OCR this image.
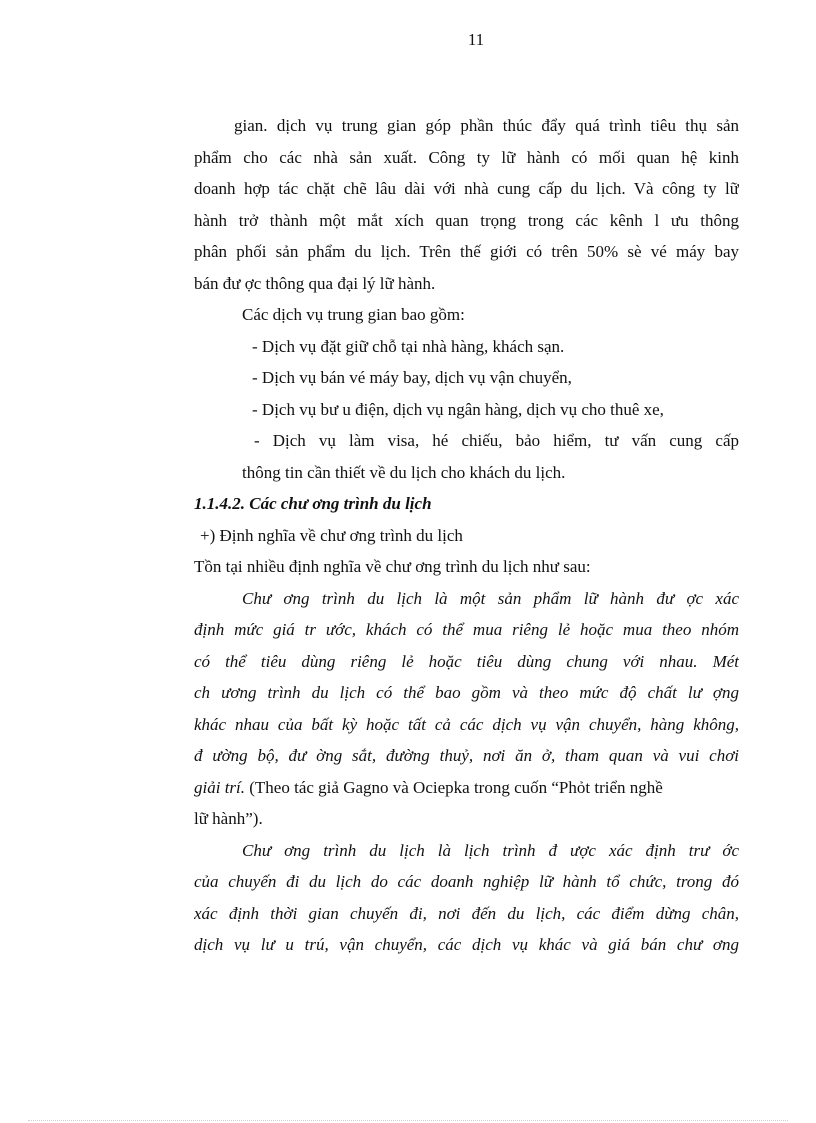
11
gian. dịch vụ trung gian góp phần thúc đẩy quá trình tiêu thụ sản
phẩm cho các nhà sản xuất. Công ty lữ hành có mối quan hệ kinh
doanh hợp tác chặt chẽ lâu dài với nhà cung cấp du lịch. Và công ty lữ
hành trở thành một mắt xích quan trọng trong các kênh l ưu thông
phân phối sản phẩm du lịch. Trên thế giới có trên 50% sè vé máy bay
bán đư ợc thông qua đại lý lữ hành.
Các dịch vụ trung gian bao gồm:
- Dịch vụ đặt giữ chỗ tại nhà hàng, khách sạn.
- Dịch vụ bán vé máy bay, dịch vụ vận chuyển,
- Dịch vụ bư u điện, dịch vụ ngân hàng, dịch vụ cho thuê xe,
- Dịch vụ làm visa, hé chiếu, bảo hiểm, tư vấn cung cấp
thông tin cần thiết về du lịch cho khách du lịch.
1.1.4.2. Các chư ơng trình du lịch
+) Định nghĩa về chư ơng trình du lịch
Tồn tại nhiều định nghĩa về chư ơng trình du lịch như sau:
Chư ơng trình du lịch là một sản phẩm lữ hành đư ợc xác
định mức giá tr ước, khách có thể mua riêng lẻ hoặc mua theo nhóm
có thể tiêu dùng riêng lẻ hoặc tiêu dùng chung với nhau. Mét
ch ương trình du lịch có thể bao gồm và theo mức độ chất lư ợng
khác nhau của bất kỳ hoặc tất cả các dịch vụ vận chuyển, hàng không,
đ ường bộ, đư ờng sắt, đường thuỷ, nơi ăn ở, tham quan và vui chơi
giải trí. (Theo tác giả Gagno và Ociepka trong cuốn “Phỏt triển nghề
lữ hành”).
Chư ơng trình du lịch là lịch trình đ ược xác định trư ớc
của chuyến đi du lịch do các doanh nghiệp lữ hành tổ chức, trong đó
xác định thời gian chuyến đi, nơi đến du lịch, các điểm dừng chân,
dịch vụ lư u trú, vận chuyển, các dịch vụ khác và giá bán chư ơng
